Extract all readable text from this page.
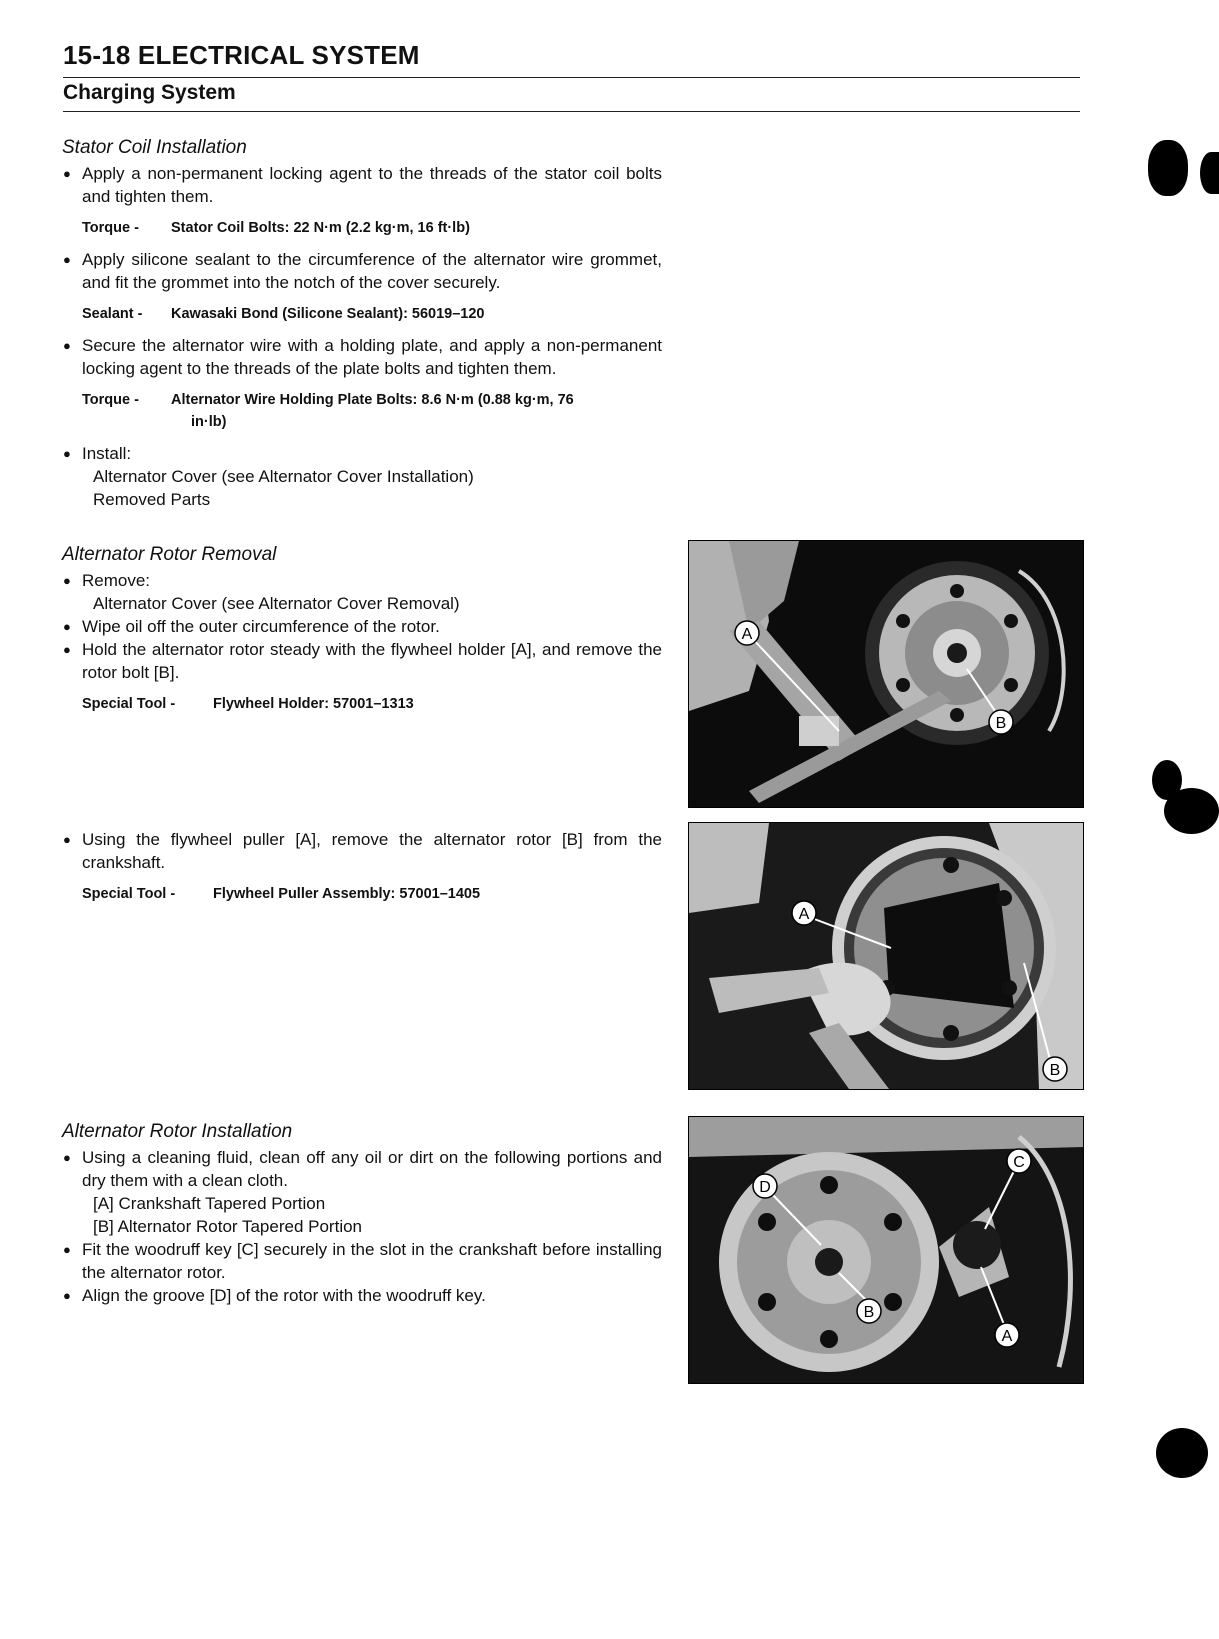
15-18 ELECTRICAL SYSTEM
Charging System
Stator Coil Installation
● Apply a non-permanent locking agent to the threads of the stator coil bolts and tighten them.
Torque - Stator Coil Bolts: 22 N·m (2.2 kg·m, 16 ft·lb)
● Apply silicone sealant to the circumference of the alternator wire grommet, and fit the grommet into the notch of the cover securely.
Sealant - Kawasaki Bond (Silicone Sealant): 56019–120
● Secure the alternator wire with a holding plate, and apply a non-permanent locking agent to the threads of the plate bolts and tighten them.
Torque - Alternator Wire Holding Plate Bolts: 8.6 N·m (0.88 kg·m, 76
in·lb)
● Install:
Alternator Cover (see Alternator Cover Installation)
Removed Parts
Alternator Rotor Removal
● Remove:
Alternator Cover (see Alternator Cover Removal)
● Wipe oil off the outer circumference of the rotor.
● Hold the alternator rotor steady with the flywheel holder [A], and remove the rotor bolt [B].
Special Tool -	Flywheel Holder: 57001–1313
● Using the flywheel puller [A], remove the alternator rotor [B] from the crankshaft.
Special Tool -	Flywheel Puller Assembly: 57001–1405
Alternator Rotor Installation
● Using a cleaning fluid, clean off any oil or dirt on the following portions and dry them with a clean cloth.
[A] Crankshaft Tapered Portion
[B] Alternator Rotor Tapered Portion
● Fit the woodruff key [C] securely in the slot in the crankshaft before installing the alternator rotor.
● Align the groove [D] of the rotor with the woodruff key.
A
B
A
B
D
C
B
A
